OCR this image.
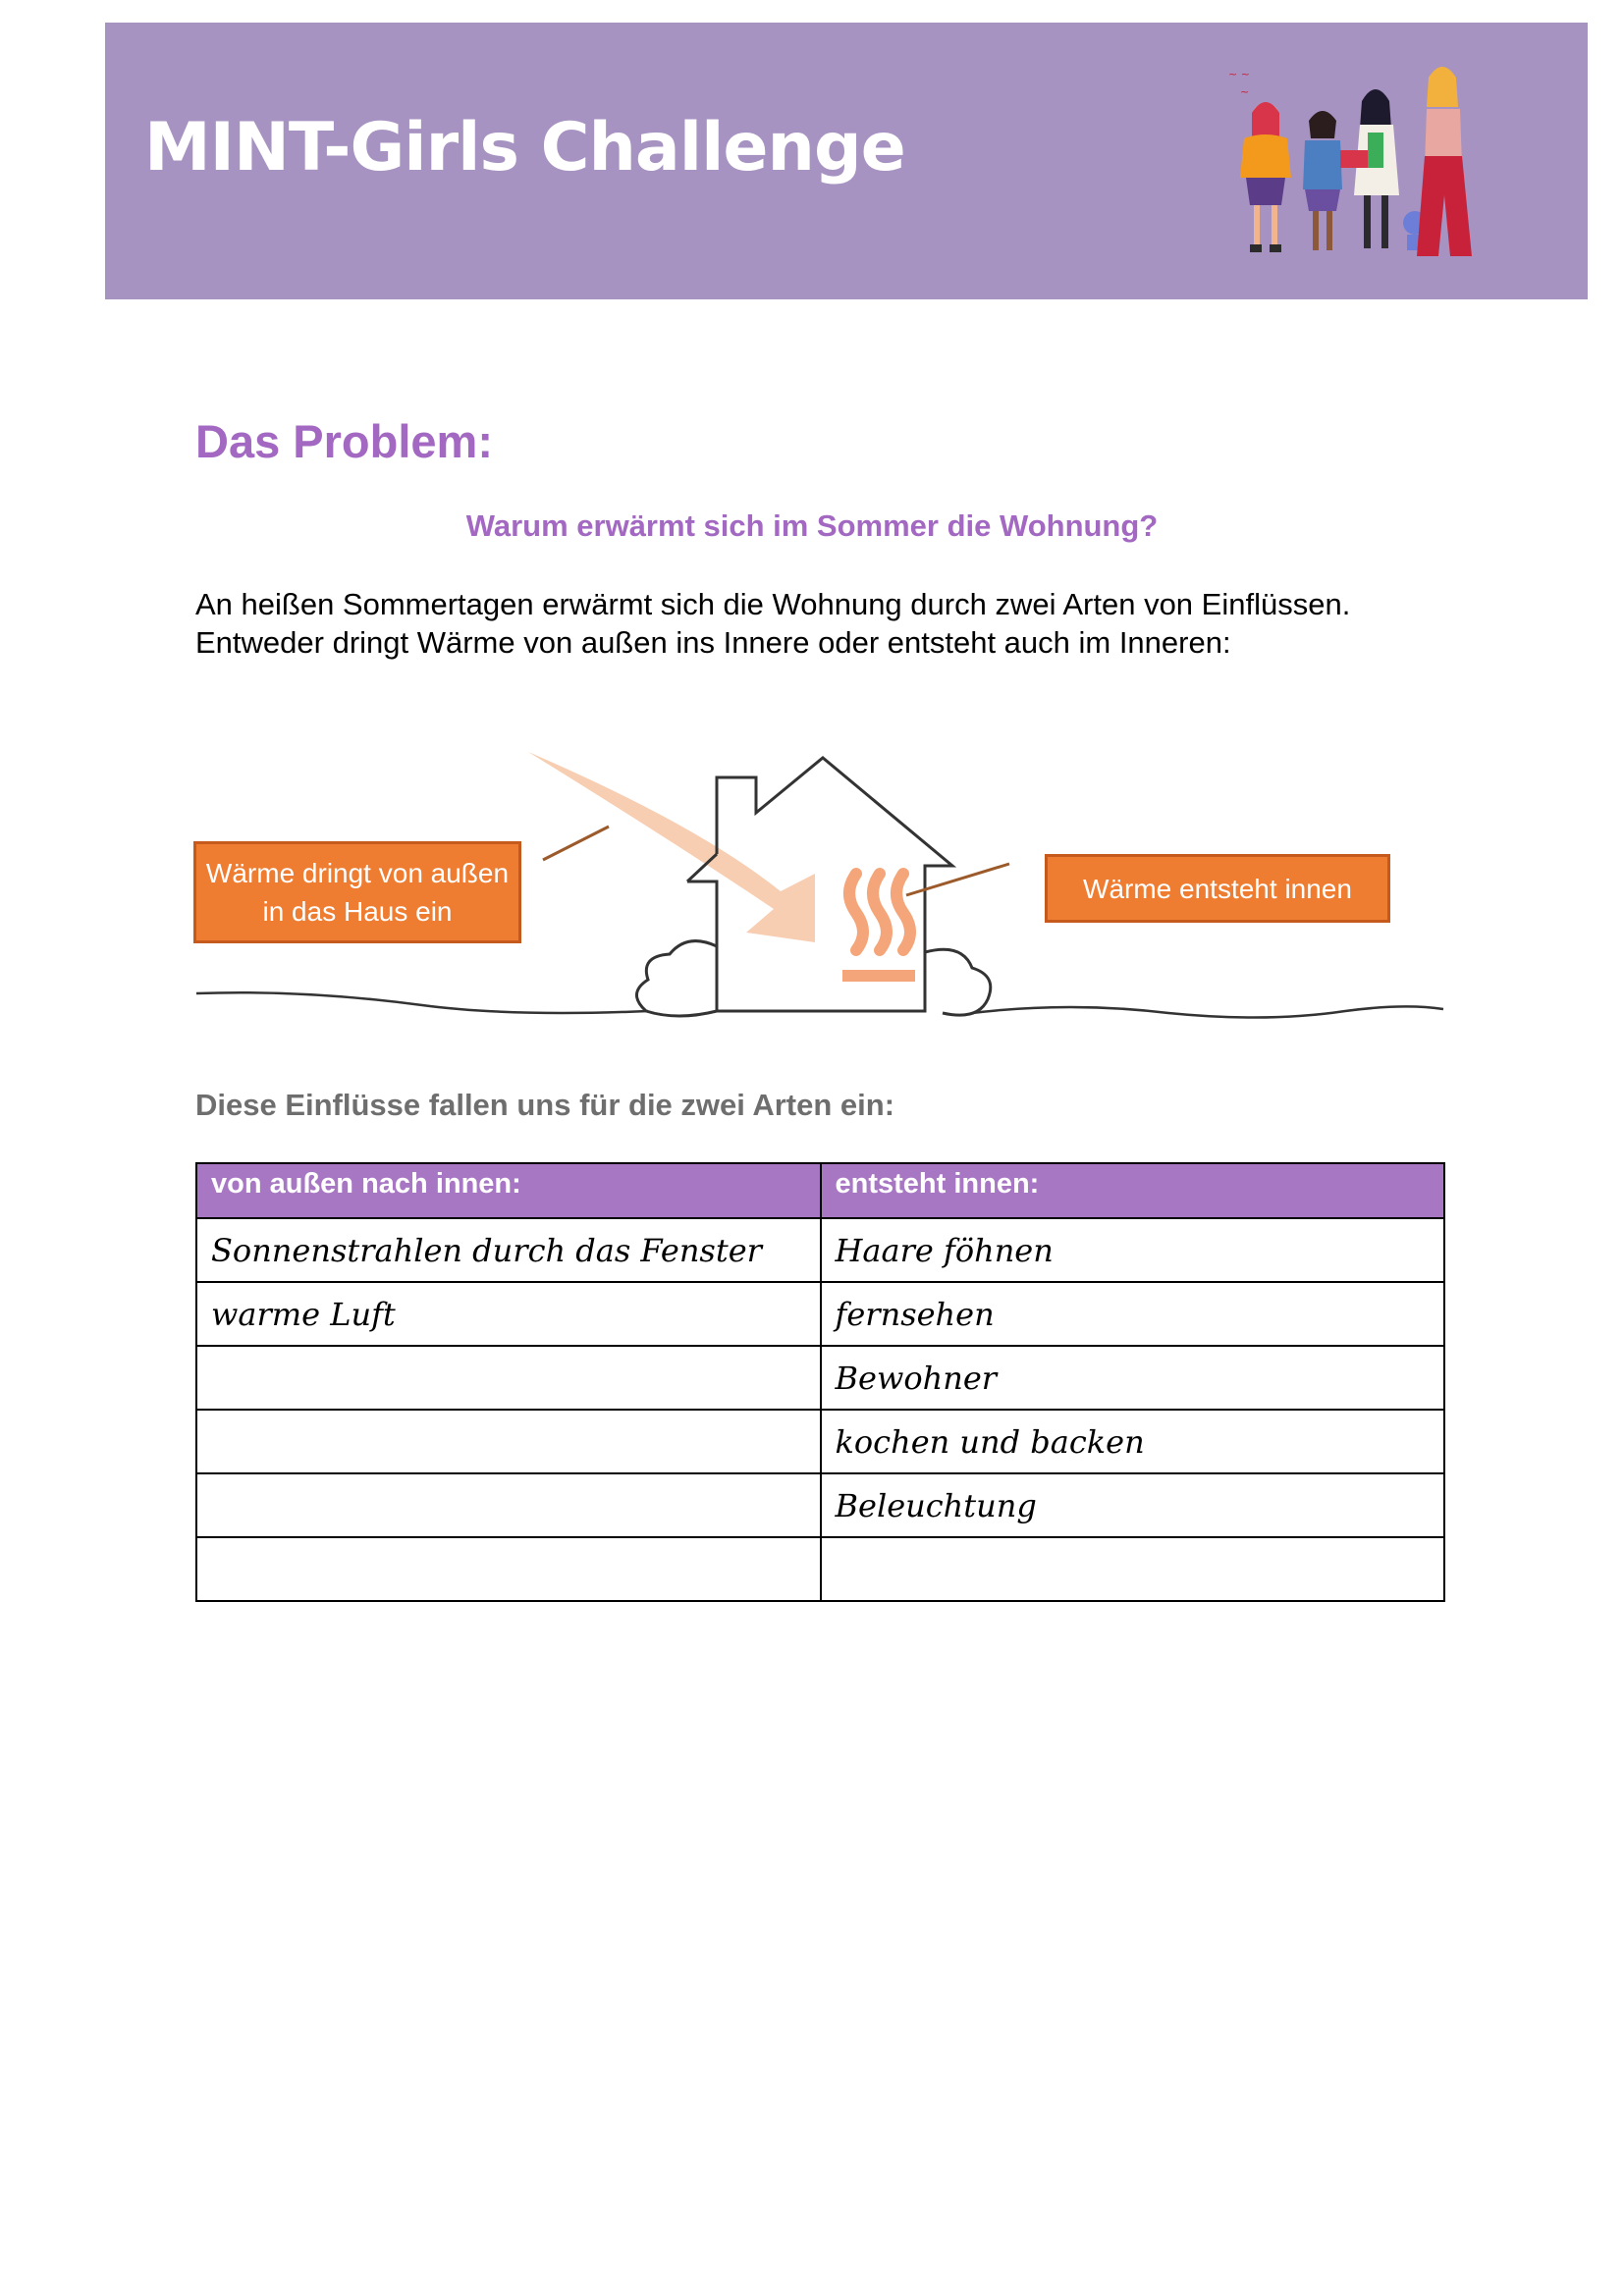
MINT-Girls Challenge
~ ~
~
Das Problem:
Warum erwärmt sich im Sommer die Wohnung?
An heißen Sommertagen erwärmt sich die Wohnung durch zwei Arten von Einflüssen. Entweder dringt Wärme von außen ins Innere oder entsteht auch im Inneren:
Wärme dringt von außen in das Haus ein
Wärme entsteht innen
Diese Einflüsse fallen uns für die zwei Arten ein:
von außen nach innen:	entsteht innen:
Sonnenstrahlen durch das Fenster	Haare föhnen
warme Luft	fernsehen
	Bewohner
	kochen und backen
	Beleuchtung
